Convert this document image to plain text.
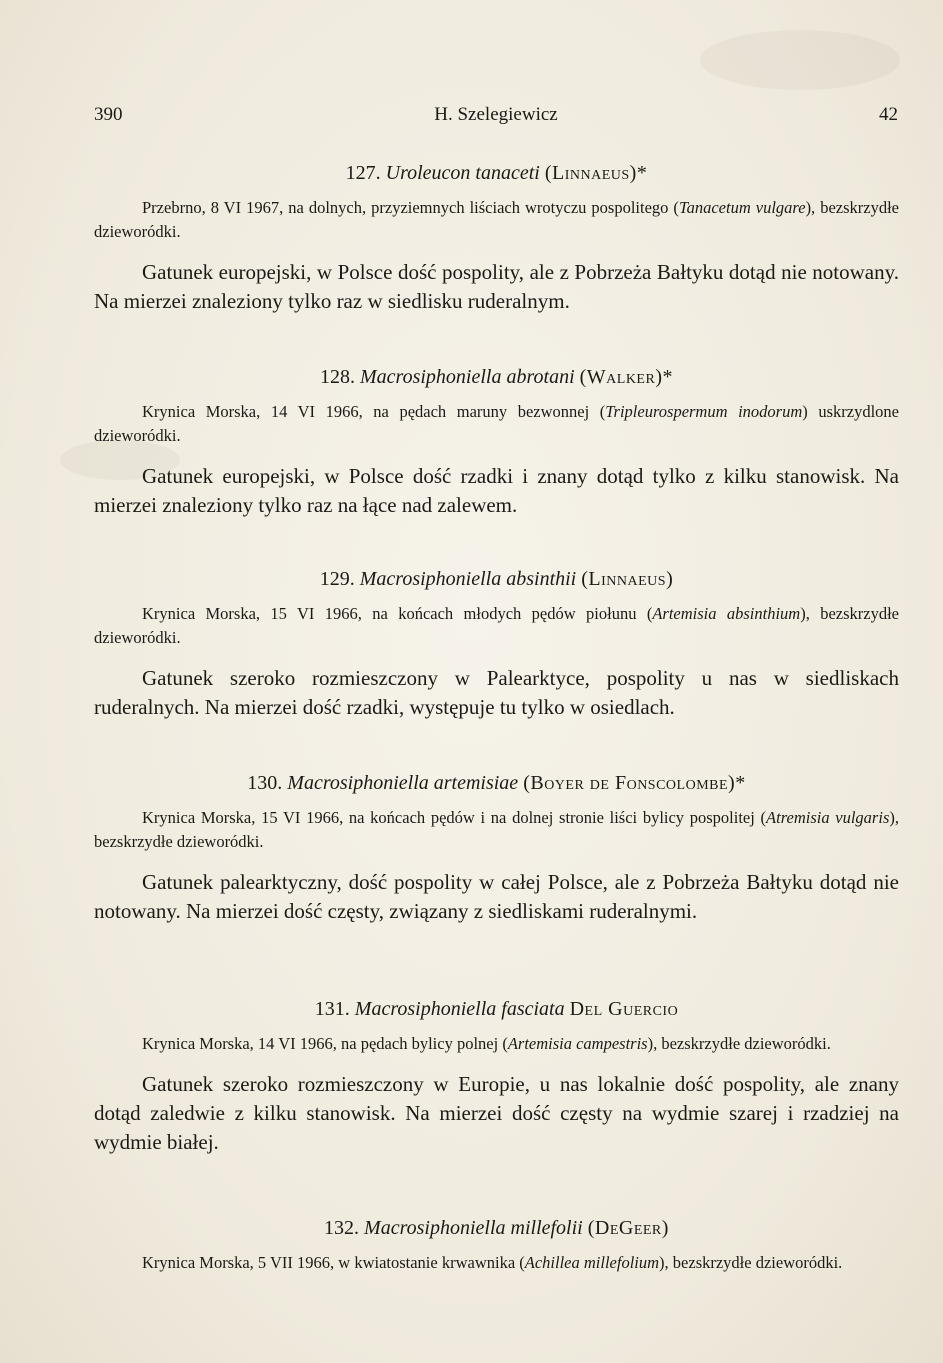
390	H. Szelegiewicz	42

127. Uroleucon tanaceti (Linnaeus)*

Przebrno, 8 VI 1967, na dolnych, przyziemnych liściach wrotyczu pospolitego (Tanacetum vulgare), bezskrzydłe dzieworódki.

Gatunek europejski, w Polsce dość pospolity, ale z Pobrzeża Bałtyku dotąd nie notowany. Na mierzei znaleziony tylko raz w siedlisku ruderalnym.

128. Macrosiphoniella abrotani (Walker)*

Krynica Morska, 14 VI 1966, na pędach maruny bezwonnej (Tripleurospermum inodorum) uskrzydlone dzieworódki.

Gatunek europejski, w Polsce dość rzadki i znany dotąd tylko z kilku stanowisk. Na mierzei znaleziony tylko raz na łące nad zalewem.

129. Macrosiphoniella absinthii (Linnaeus)

Krynica Morska, 15 VI 1966, na końcach młodych pędów piołunu (Artemisia absinthium), bezskrzydłe dzieworódki.

Gatunek szeroko rozmieszczony w Palearktyce, pospolity u nas w siedliskach ruderalnych. Na mierzei dość rzadki, występuje tu tylko w osiedlach.

130. Macrosiphoniella artemisiae (Boyer de Fonscolombe)*

Krynica Morska, 15 VI 1966, na końcach pędów i na dolnej stronie liści bylicy pospolitej (Atremisia vulgaris), bezskrzydłe dzieworódki.

Gatunek palearktyczny, dość pospolity w całej Polsce, ale z Pobrzeża Bałtyku dotąd nie notowany. Na mierzei dość częsty, związany z siedliskami ruderalnymi.

131. Macrosiphoniella fasciata Del Guercio

Krynica Morska, 14 VI 1966, na pędach bylicy polnej (Artemisia campestris), bezskrzydłe dzieworódki.

Gatunek szeroko rozmieszczony w Europie, u nas lokalnie dość pospolity, ale znany dotąd zaledwie z kilku stanowisk. Na mierzei dość częsty na wydmie szarej i rzadziej na wydmie białej.

132. Macrosiphoniella millefolii (DeGeer)

Krynica Morska, 5 VII 1966, w kwiatostanie krwawnika (Achillea millefolium), bezskrzydłe dzieworódki.
